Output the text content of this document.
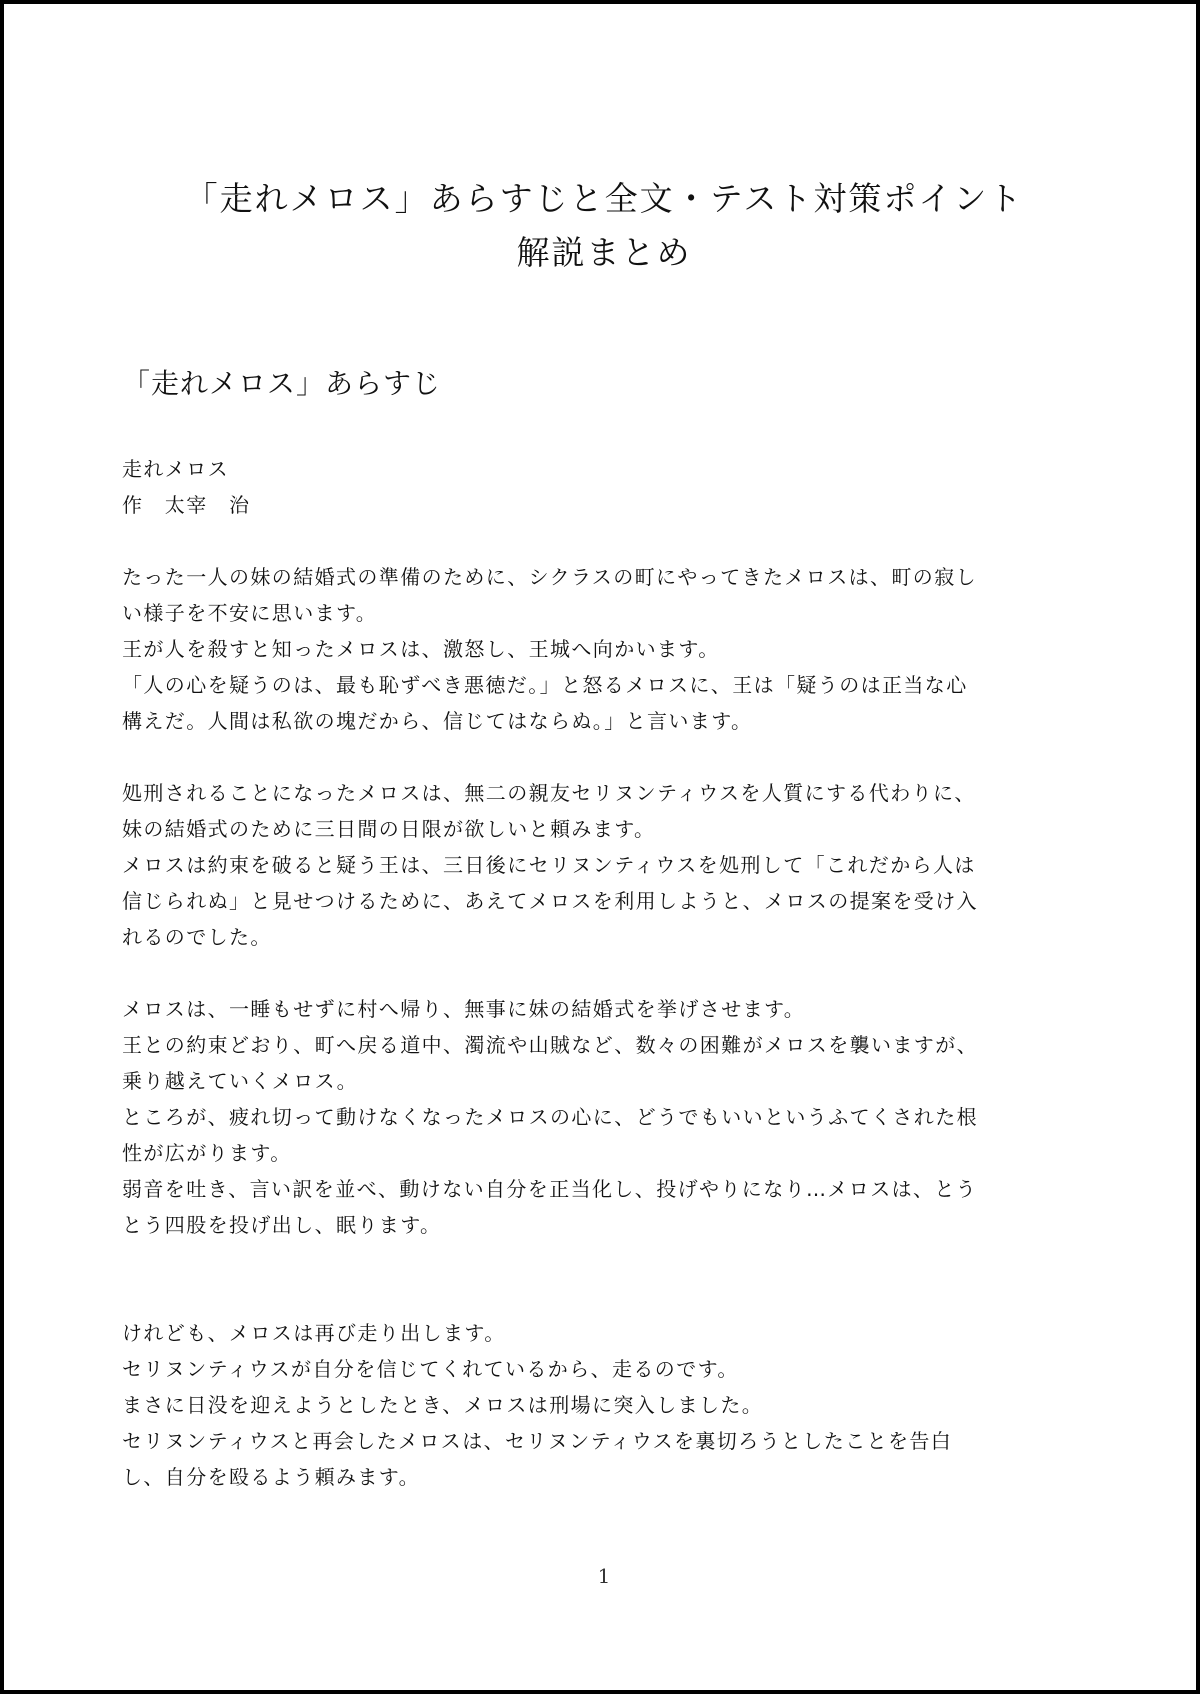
「走れメロス」あらすじと全文・テスト対策ポイント
解説まとめ
「走れメロス」あらすじ
走れメロス
作　太宰　治
たった一人の妹の結婚式の準備のために、シクラスの町にやってきたメロスは、町の寂し
い様子を不安に思います。
王が人を殺すと知ったメロスは、激怒し、王城へ向かいます。
「人の心を疑うのは、最も恥ずべき悪徳だ。」と怒るメロスに、王は「疑うのは正当な心
構えだ。人間は私欲の塊だから、信じてはならぬ。」と言います。
処刑されることになったメロスは、無二の親友セリヌンティウスを人質にする代わりに、
妹の結婚式のために三日間の日限が欲しいと頼みます。
メロスは約束を破ると疑う王は、三日後にセリヌンティウスを処刑して「これだから人は
信じられぬ」と見せつけるために、あえてメロスを利用しようと、メロスの提案を受け入
れるのでした。
メロスは、一睡もせずに村へ帰り、無事に妹の結婚式を挙げさせます。
王との約束どおり、町へ戻る道中、濁流や山賊など、数々の困難がメロスを襲いますが、
乗り越えていくメロス。
ところが、疲れ切って動けなくなったメロスの心に、どうでもいいというふてくされた根
性が広がります。
弱音を吐き、言い訳を並べ、動けない自分を正当化し、投げやりになり…メロスは、とう
とう四股を投げ出し、眠ります。
けれども、メロスは再び走り出します。
セリヌンティウスが自分を信じてくれているから、走るのです。
まさに日没を迎えようとしたとき、メロスは刑場に突入しました。
セリヌンティウスと再会したメロスは、セリヌンティウスを裏切ろうとしたことを告白
し、自分を殴るよう頼みます。
1
